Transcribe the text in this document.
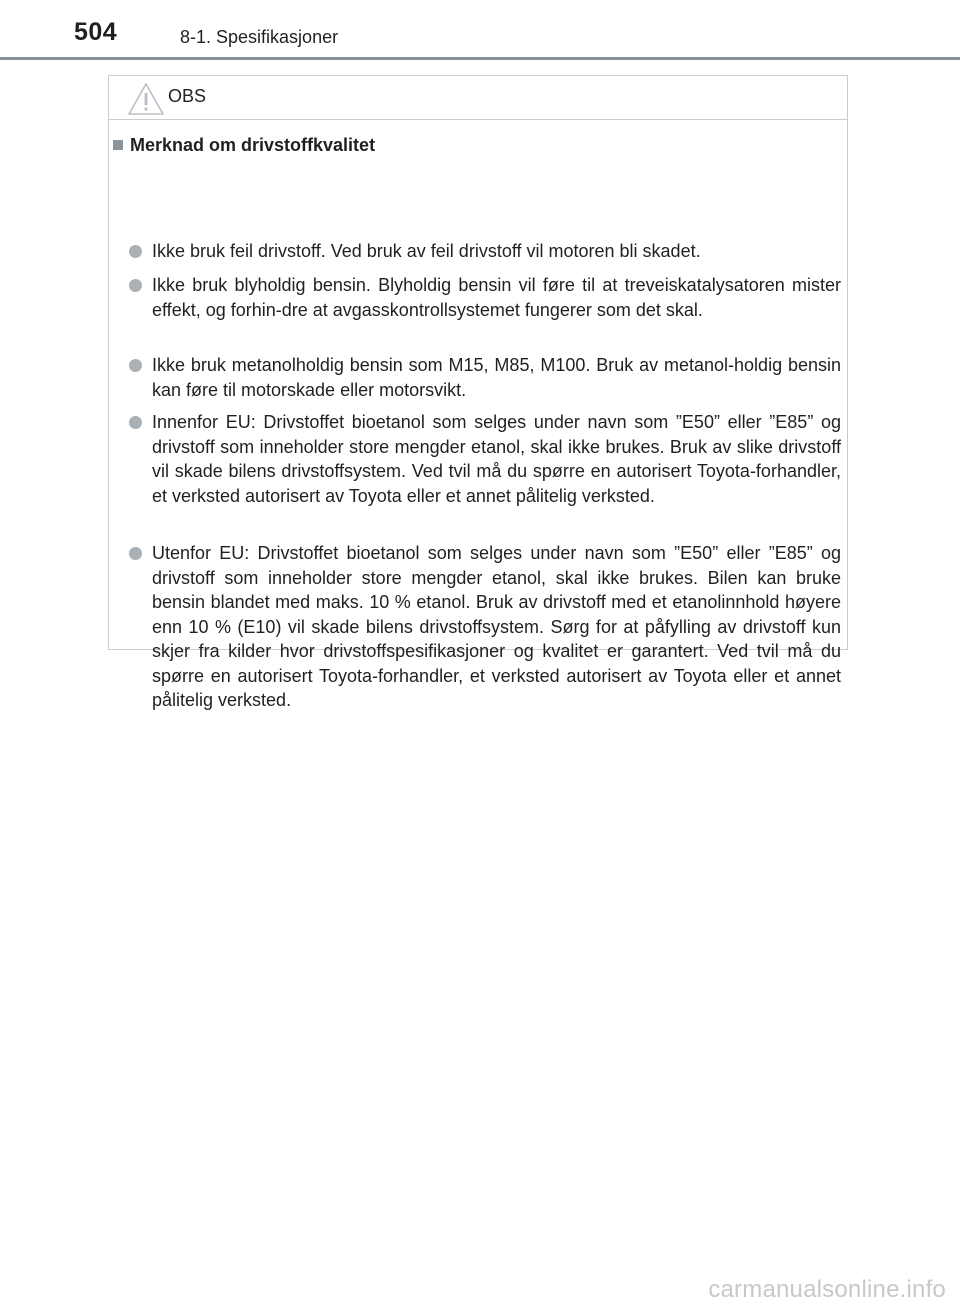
504	8-1. Spesifikasjoner
OBS
Merknad om drivstoffkvalitet
Ikke bruk feil drivstoff. Ved bruk av feil drivstoff vil motoren bli skadet.
Ikke bruk blyholdig bensin. Blyholdig bensin vil føre til at treveiskatalysatoren mister effekt, og forhin-dre at avgasskontrollsystemet fungerer som det skal.
Ikke bruk metanolholdig bensin som M15, M85, M100. Bruk av metanol-holdig bensin kan føre til motorskade eller motorsvikt.
Innenfor EU: Drivstoffet bioetanol som selges under navn som ”E50” eller ”E85” og drivstoff som inneholder store mengder etanol, skal ikke brukes. Bruk av slike drivstoff vil skade bilens drivstoffsystem. Ved tvil må du spørre en autorisert Toyota-forhandler, et verksted autorisert av Toyota eller et annet pålitelig verksted.
Utenfor EU: Drivstoffet bioetanol som selges under navn som ”E50” eller ”E85” og drivstoff som inneholder store mengder etanol, skal ikke brukes. Bilen kan bruke bensin blandet med maks. 10 % etanol. Bruk av drivstoff med et etanolinnhold høyere enn 10 % (E10) vil skade bilens drivstoffsystem. Sørg for at påfylling av drivstoff kun skjer fra kilder hvor drivstoffspesifikasjoner og kvalitet er garantert. Ved tvil må du spørre en autorisert Toyota-forhandler, et verksted autorisert av Toyota eller et annet pålitelig verksted.
carmanualsonline.info
